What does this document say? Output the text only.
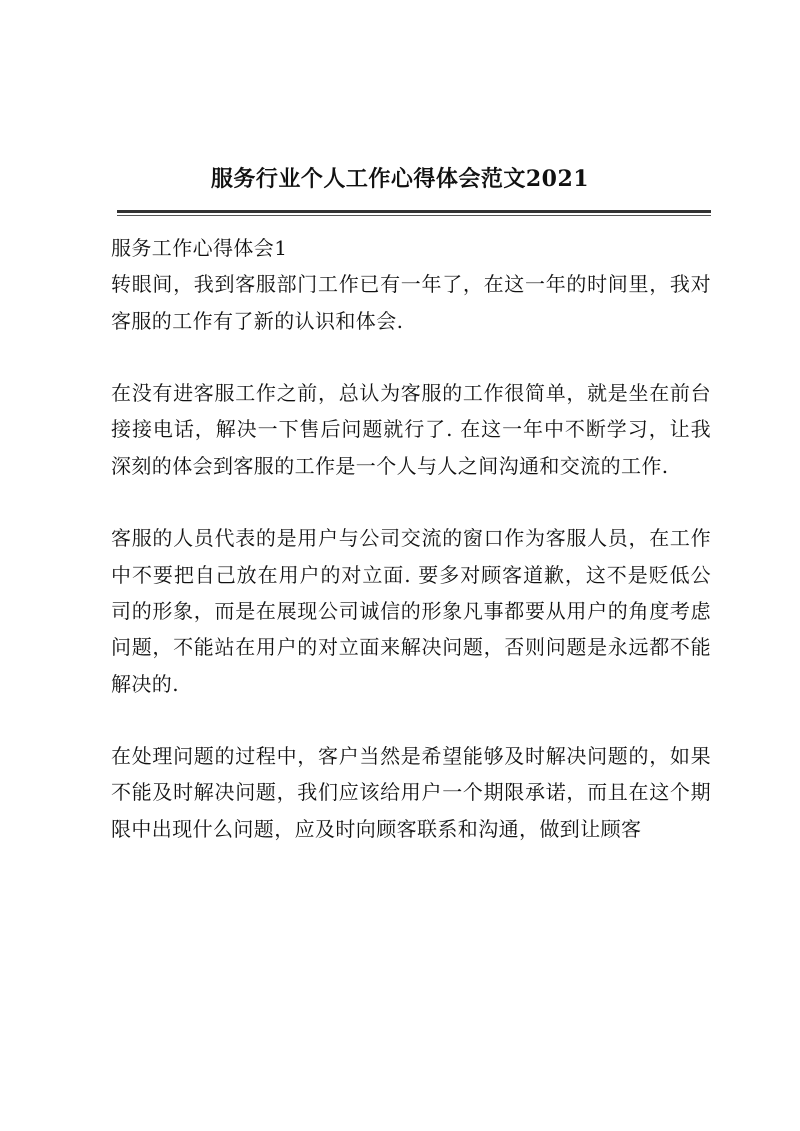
服务行业个人工作心得体会范文2021

服务工作心得体会1

转眼间，我到客服部门工作已有一年了，在这一年的时间里，我对客服的工作有了新的认识和体会.

在没有进客服工作之前，总认为客服的工作很简单，就是坐在前台接接电话，解决一下售后问题就行了. 在这一年中不断学习，让我深刻的体会到客服的工作是一个人与人之间沟通和交流的工作.

客服的人员代表的是用户与公司交流的窗口作为客服人员，在工作中不要把自己放在用户的对立面. 要多对顾客道歉，这不是贬低公司的形象，而是在展现公司诚信的形象凡事都要从用户的角度考虑问题，不能站在用户的对立面来解决问题，否则问题是永远都不能解决的.

在处理问题的过程中，客户当然是希望能够及时解决问题的，如果不能及时解决问题，我们应该给用户一个期限承诺，而且在这个期限中出现什么问题，应及时向顾客联系和沟通，做到让顾客
